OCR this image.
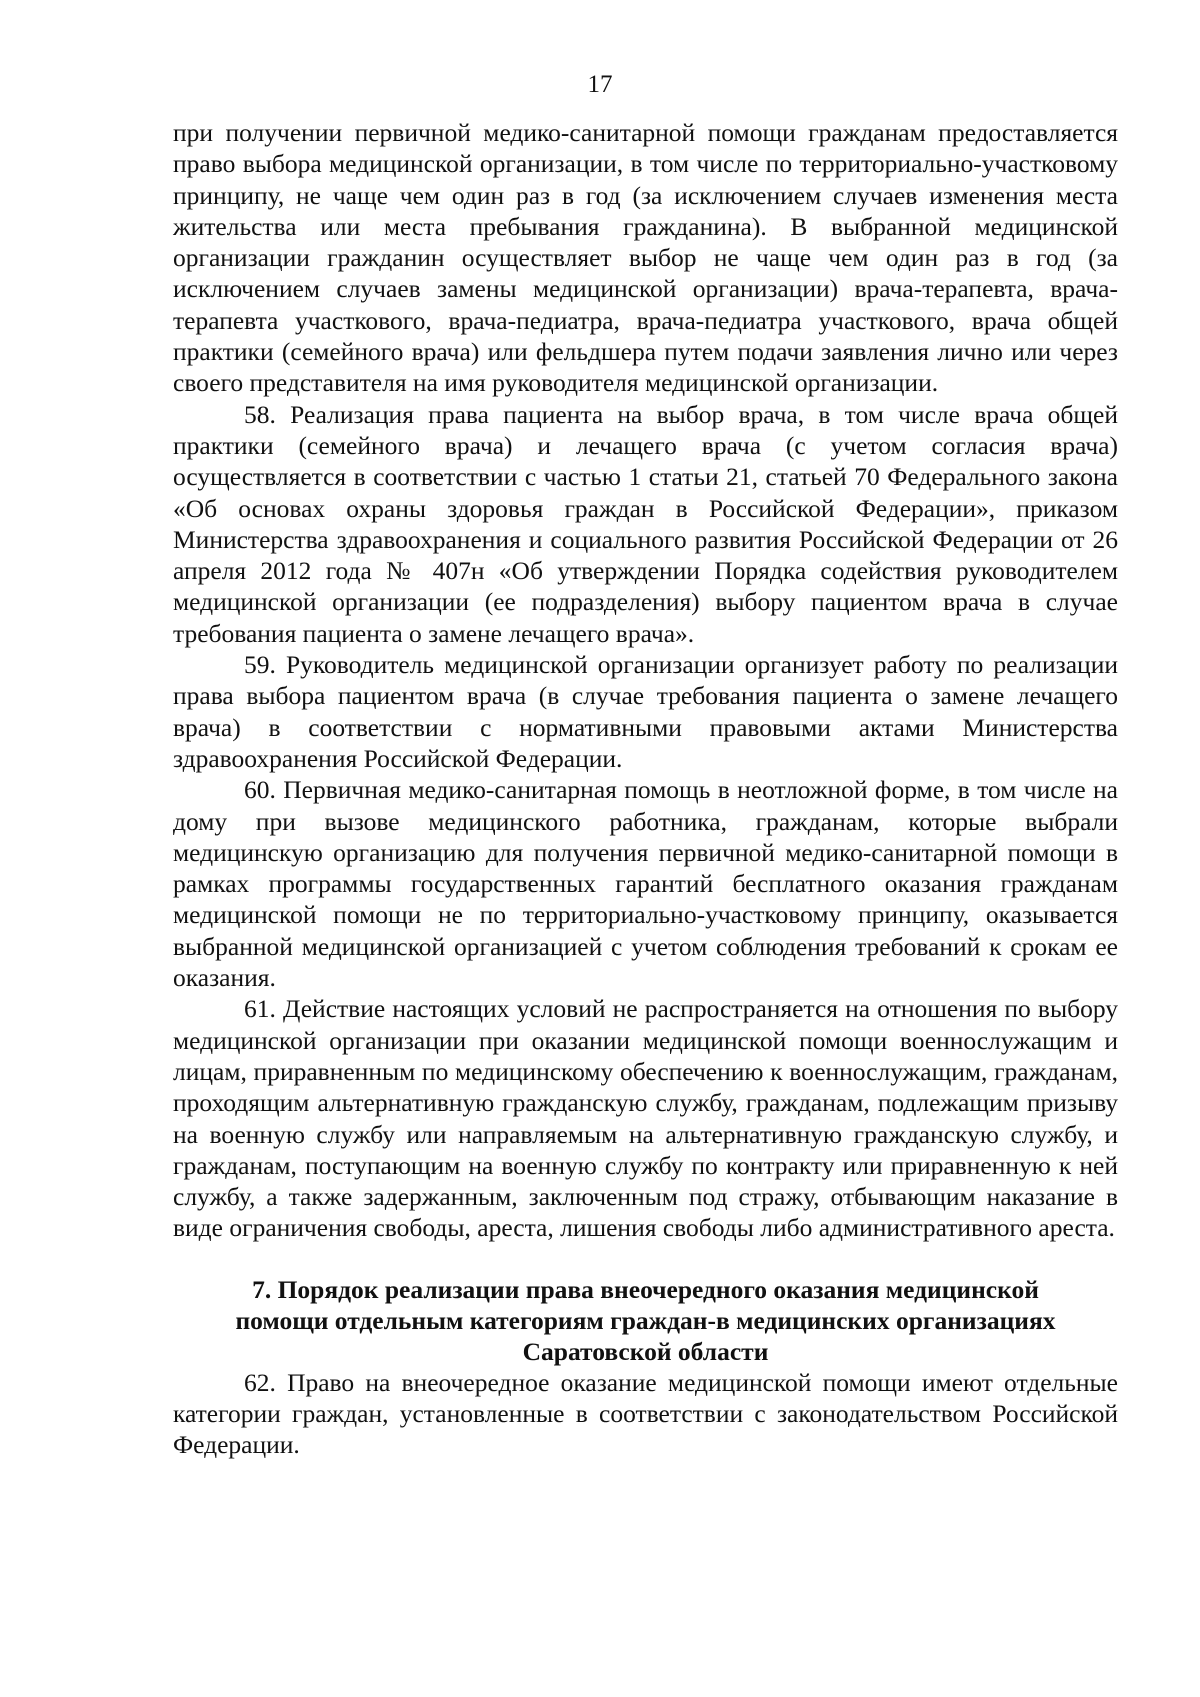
17

при получении первичной медико-санитарной помощи гражданам предоставляется право выбора медицинской организации, в том числе по территориально-участковому принципу, не чаще чем один раз в год (за исключением случаев изменения места жительства или места пребывания гражданина). В выбранной медицинской организации гражданин осуществляет выбор не чаще чем один раз в год (за исключением случаев замены медицинской организации) врача-терапевта, врача-терапевта участкового, врача-педиатра, врача-педиатра участкового, врача общей практики (семейного врача) или фельдшера путем подачи заявления лично или через своего представителя на имя руководителя медицинской организации.

58. Реализация права пациента на выбор врача, в том числе врача общей практики (семейного врача) и лечащего врача (с учетом согласия врача) осуществляется в соответствии с частью 1 статьи 21, статьей 70 Федерального закона «Об основах охраны здоровья граждан в Российской Федерации», приказом Министерства здравоохранения и социального развития Российской Федерации от 26 апреля 2012 года № 407н «Об утверждении Порядка содействия руководителем медицинской организации (ее подразделения) выбору пациентом врача в случае требования пациента о замене лечащего врача».

59. Руководитель медицинской организации организует работу по реализации права выбора пациентом врача (в случае требования пациента о замене лечащего врача) в соответствии с нормативными правовыми актами Министерства здравоохранения Российской Федерации.

60. Первичная медико-санитарная помощь в неотложной форме, в том числе на дому при вызове медицинского работника, гражданам, которые выбрали медицинскую организацию для получения первичной медико-санитарной помощи в рамках программы государственных гарантий бесплатного оказания гражданам медицинской помощи не по территориально-участковому принципу, оказывается выбранной медицинской организацией с учетом соблюдения требований к срокам ее оказания.

61. Действие настоящих условий не распространяется на отношения по выбору медицинской организации при оказании медицинской помощи военнослужащим и лицам, приравненным по медицинскому обеспечению к военнослужащим, гражданам, проходящим альтернативную гражданскую службу, гражданам, подлежащим призыву на военную службу или направляемым на альтернативную гражданскую службу, и гражданам, поступающим на военную службу по контракту или приравненную к ней службу, а также задержанным, заключенным под стражу, отбывающим наказание в виде ограничения свободы, ареста, лишения свободы либо административного ареста.

7. Порядок реализации права внеочередного оказания медицинской
помощи отдельным категориям граждан-в медицинских организациях
Саратовской области

62. Право на внеочередное оказание медицинской помощи имеют отдельные категории граждан, установленные в соответствии с законодательством Российской Федерации.
